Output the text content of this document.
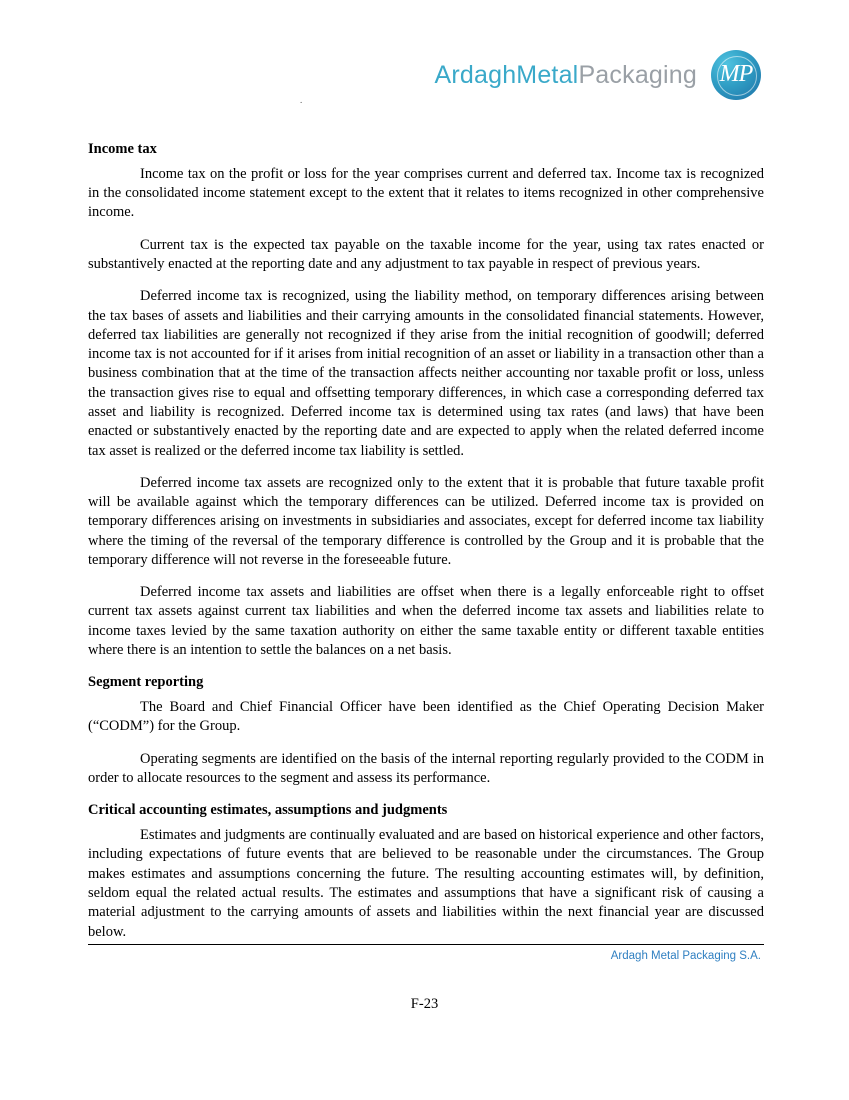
ArdaghMetalPackaging MP
.
Income tax

Income tax on the profit or loss for the year comprises current and deferred tax. Income tax is recognized in the consolidated income statement except to the extent that it relates to items recognized in other comprehensive income.

Current tax is the expected tax payable on the taxable income for the year, using tax rates enacted or substantively enacted at the reporting date and any adjustment to tax payable in respect of previous years.

Deferred income tax is recognized, using the liability method, on temporary differences arising between the tax bases of assets and liabilities and their carrying amounts in the consolidated financial statements. However, deferred tax liabilities are generally not recognized if they arise from the initial recognition of goodwill; deferred income tax is not accounted for if it arises from initial recognition of an asset or liability in a transaction other than a business combination that at the time of the transaction affects neither accounting nor taxable profit or loss, unless the transaction gives rise to equal and offsetting temporary differences, in which case a corresponding deferred tax asset and liability is recognized. Deferred income tax is determined using tax rates (and laws) that have been enacted or substantively enacted by the reporting date and are expected to apply when the related deferred income tax asset is realized or the deferred income tax liability is settled.

Deferred income tax assets are recognized only to the extent that it is probable that future taxable profit will be available against which the temporary differences can be utilized. Deferred income tax is provided on temporary differences arising on investments in subsidiaries and associates, except for deferred income tax liability where the timing of the reversal of the temporary difference is controlled by the Group and it is probable that the temporary difference will not reverse in the foreseeable future.

Deferred income tax assets and liabilities are offset when there is a legally enforceable right to offset current tax assets against current tax liabilities and when the deferred income tax assets and liabilities relate to income taxes levied by the same taxation authority on either the same taxable entity or different taxable entities where there is an intention to settle the balances on a net basis.

Segment reporting

The Board and Chief Financial Officer have been identified as the Chief Operating Decision Maker (“CODM”) for the Group.

Operating segments are identified on the basis of the internal reporting regularly provided to the CODM in order to allocate resources to the segment and assess its performance.

Critical accounting estimates, assumptions and judgments

Estimates and judgments are continually evaluated and are based on historical experience and other factors, including expectations of future events that are believed to be reasonable under the circumstances. The Group makes estimates and assumptions concerning the future. The resulting accounting estimates will, by definition, seldom equal the related actual results. The estimates and assumptions that have a significant risk of causing a material adjustment to the carrying amounts of assets and liabilities within the next financial year are discussed below.

Ardagh Metal Packaging S.A.
F-23
